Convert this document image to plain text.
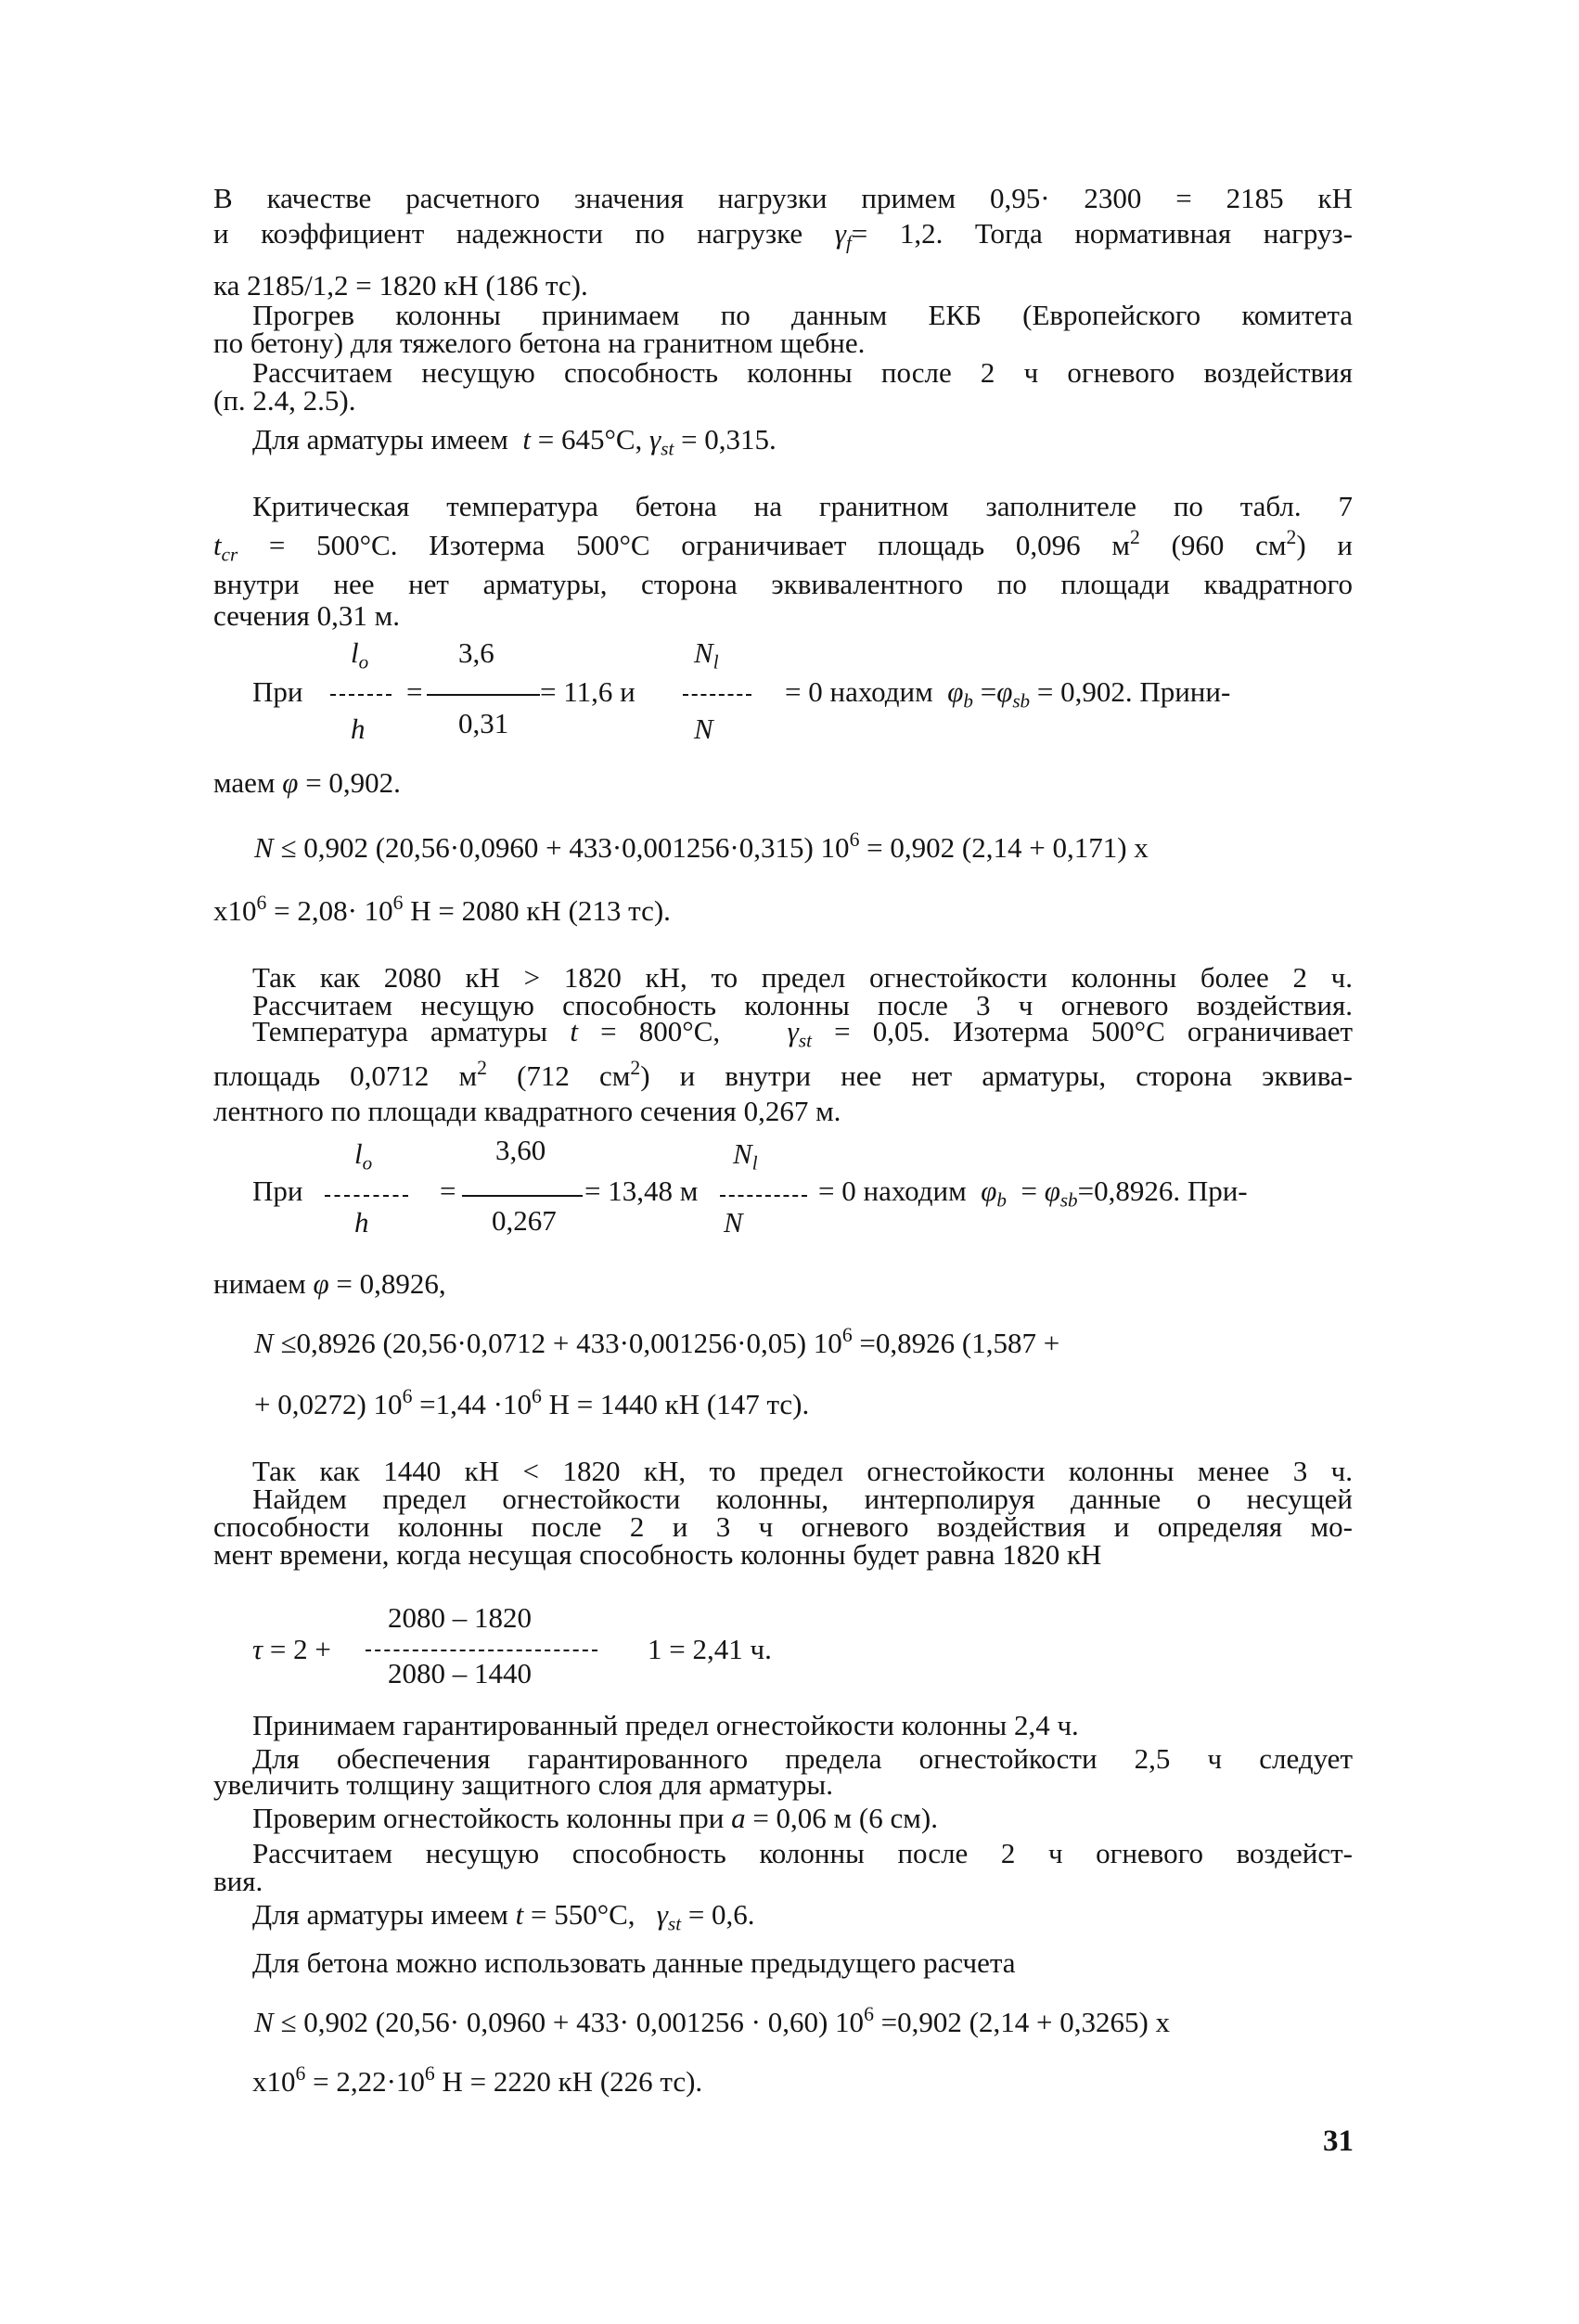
В качестве расчетного значения нагрузки примем 0,95· 2300 = 2185 кН
и коэффициент надежности по нагрузке $\gamma_f= 1,2$. Тогда нормативная нагруз-
ка 2185/1,2 = 1820 кН (186 тс).
Прогрев колонны принимаем по данным ЕКБ (Европейского комитета
по бетону) для тяжелого бетона на гранитном щебне.
Рассчитаем несущую способность колонны после 2 ч огневого воздействия
(п. 2.4, 2.5).
Для арматуры имеем t = 645°С, $\gamma_{st} = 0,315$.
Критическая температура бетона на гранитном заполнителе по табл. 7
$t_{cr} = 500^\circ С$. Изотерма 500°С ограничивает площадь 0,096 $м^2$ (960 $см^2$) и
внутри нее нет арматуры, сторона эквивалентного по площади квадратного
сечения 0,31 м.
При
$l_o$
h
=
3,6
0,31
= 11,6 и
$N_l$
N
= 0 находим $\varphi_b =\varphi_{sb} = 0,902$. Прини-
маем φ = 0,902.
N ≤ 0,902 (20,56·0,0960 + 433·0,001256·0,315) $10^6 = 0,902$ (2,14 + 0,171) х
$х10^6 = 2,08\cdot 10^6$ Н = 2080 кН (213 тс).
Так как 2080 кН > 1820 кН, то предел огнестойкости колонны более 2 ч.
Рассчитаем несущую способность колонны после 3 ч огневого воздействия.
Температура арматуры t = 800°С, $\gamma_{st} = 0,05$. Изотерма 500°С ограничивает
площадь 0,0712 $м^2$ (712 $см^2$) и внутри нее нет арматуры, сторона эквива-
лентного по площади квадратного сечения 0,267 м.
При
$l_o$
h
=
3,60
0,267
= 13,48 м
$N_l$
N
= 0 находим $\varphi_b = \varphi_{sb}=0,8926$. При-
нимаем φ = 0,8926,
N ≤0,8926 (20,56·0,0712 + 433·0,001256·0,05) $10^6 =0,8926$ (1,587 +
+ 0,0272) $10^6 =1,44 \cdot 10^6$ Н = 1440 кН (147 тс).
Так как 1440 кН < 1820 кН, то предел огнестойкости колонны менее 3 ч.
Найдем предел огнестойкости колонны, интерполируя данные о несущей
способности колонны после 2 и 3 ч огневого воздействия и определяя мо-
мент времени, когда несущая способность колонны будет равна 1820 кН
τ = 2 +
2080 – 1820
2080 – 1440
1 = 2,41 ч.
Принимаем гарантированный предел огнестойкости колонны 2,4 ч.
Для обеспечения гарантированного предела огнестойкости 2,5 ч следует
увеличить толщину защитного слоя для арматуры.
Проверим огнестойкость колонны при a = 0,06 м (6 см).
Рассчитаем несущую способность колонны после 2 ч огневого воздейст-
вия.
Для арматуры имеем t = 550°С, $\gamma_{st} = 0,6$.
Для бетона можно использовать данные предыдущего расчета
N ≤ 0,902 (20,56· 0,0960 + 433· 0,001256 · 0,60) $10^6 =0,902$ (2,14 + 0,3265) х
$х10^6 = 2,22\cdot 10^6$ Н = 2220 кН (226 тс).
31
